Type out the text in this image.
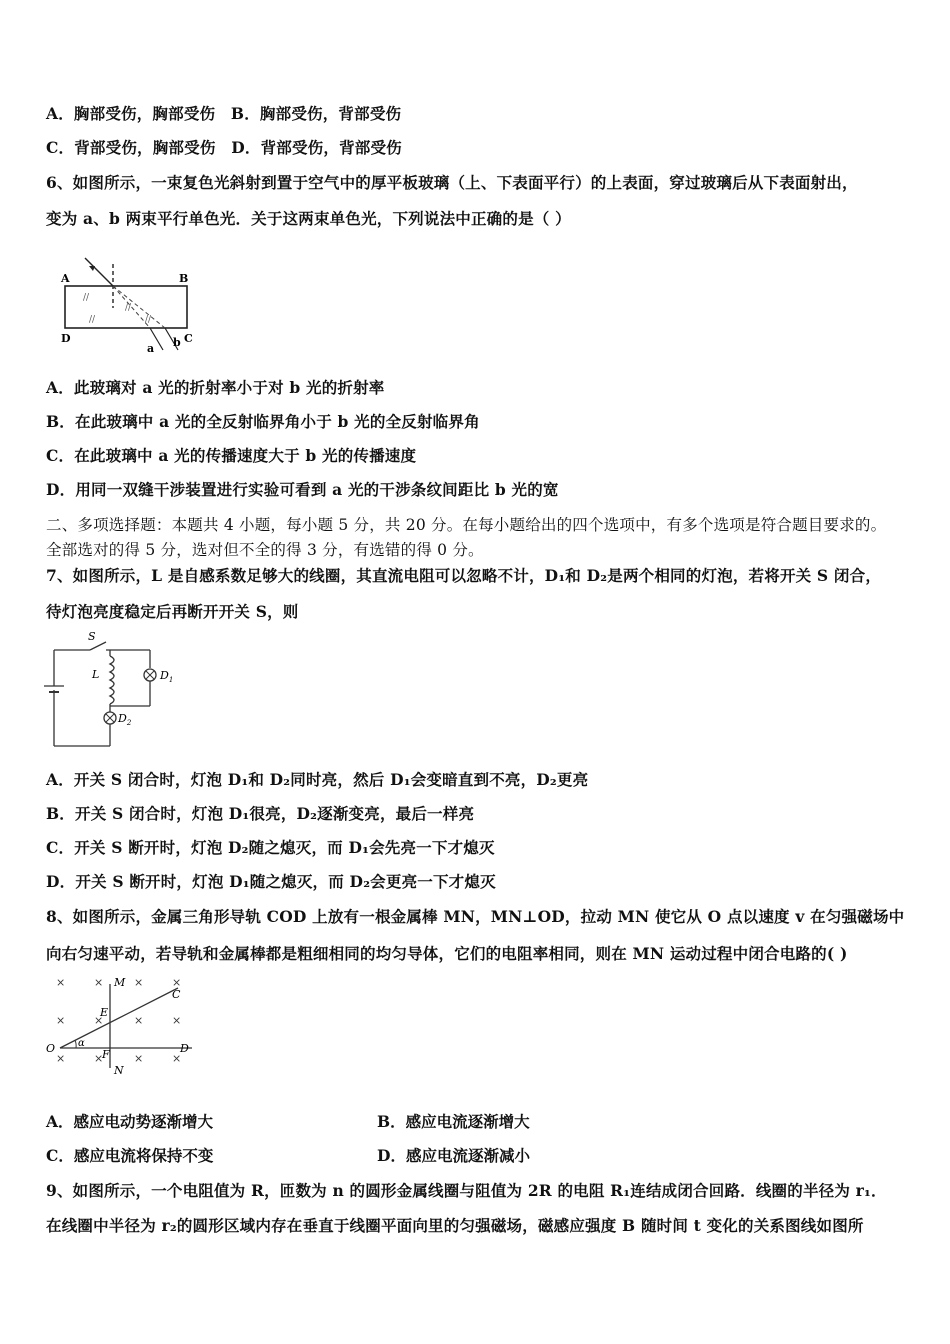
A．胸部受伤，胸部受伤　B．胸部受伤，背部受伤
C．背部受伤，胸部受伤　D．背部受伤，背部受伤
6、如图所示，一束复色光斜射到置于空气中的厚平板玻璃（上、下表面平行）的上表面，穿过玻璃后从下表面射出，
变为 a、b 两束平行单色光．关于这两束单色光，下列说法中正确的是（ ）
//
//
//
//
A	B
C
D
a b
A．此玻璃对 a 光的折射率小于对 b 光的折射率
B．在此玻璃中 a 光的全反射临界角小于 b 光的全反射临界角
C．在此玻璃中 a 光的传播速度大于 b 光的传播速度
D．用同一双缝干涉装置进行实验可看到 a 光的干涉条纹间距比 b 光的宽
二、多项选择题：本题共 4 小题，每小题 5 分，共 20 分。在每小题给出的四个选项中，有多个选项是符合题目要求的。
全部选对的得 5 分，选对但不全的得 3 分，有选错的得 0 分。
7、如图所示，L 是自感系数足够大的线圈，其直流电阻可以忽略不计，D₁和 D₂是两个相同的灯泡，若将开关 S 闭合，
待灯泡亮度稳定后再断开开关 S，则
S
L	$D_1$
$D_2$
A．开关 S 闭合时，灯泡 D₁和 D₂同时亮，然后 D₁会变暗直到不亮，D₂更亮
B．开关 S 闭合时，灯泡 D₁很亮，D₂逐渐变亮，最后一样亮
C．开关 S 断开时，灯泡 D₂随之熄灭，而 D₁会先亮一下才熄灭
D．开关 S 断开时，灯泡 D₁随之熄灭，而 D₂会更亮一下才熄灭
8、如图所示，金属三角形导轨 COD 上放有一根金属棒 MN，MN⊥OD，拉动 MN 使它从 O 点以速度 v 在匀强磁场中
向右匀速平动，若导轨和金属棒都是粗细相同的均匀导体，它们的电阻率相同，则在 MN 运动过程中闭合电路的( )
×	×	×	×
×	×	×	×
×	×	×	×
M
N
C
D
O
E
F
α
A．感应电动势逐渐增大	B．感应电流逐渐增大
C．感应电流将保持不变	D．感应电流逐渐减小
9、如图所示，一个电阻值为 R，匝数为 n 的圆形金属线圈与阻值为 2R 的电阻 R₁连结成闭合回路．线圈的半径为 r₁．
在线圈中半径为 r₂的圆形区域内存在垂直于线圈平面向里的匀强磁场，磁感应强度 B 随时间 t 变化的关系图线如图所
